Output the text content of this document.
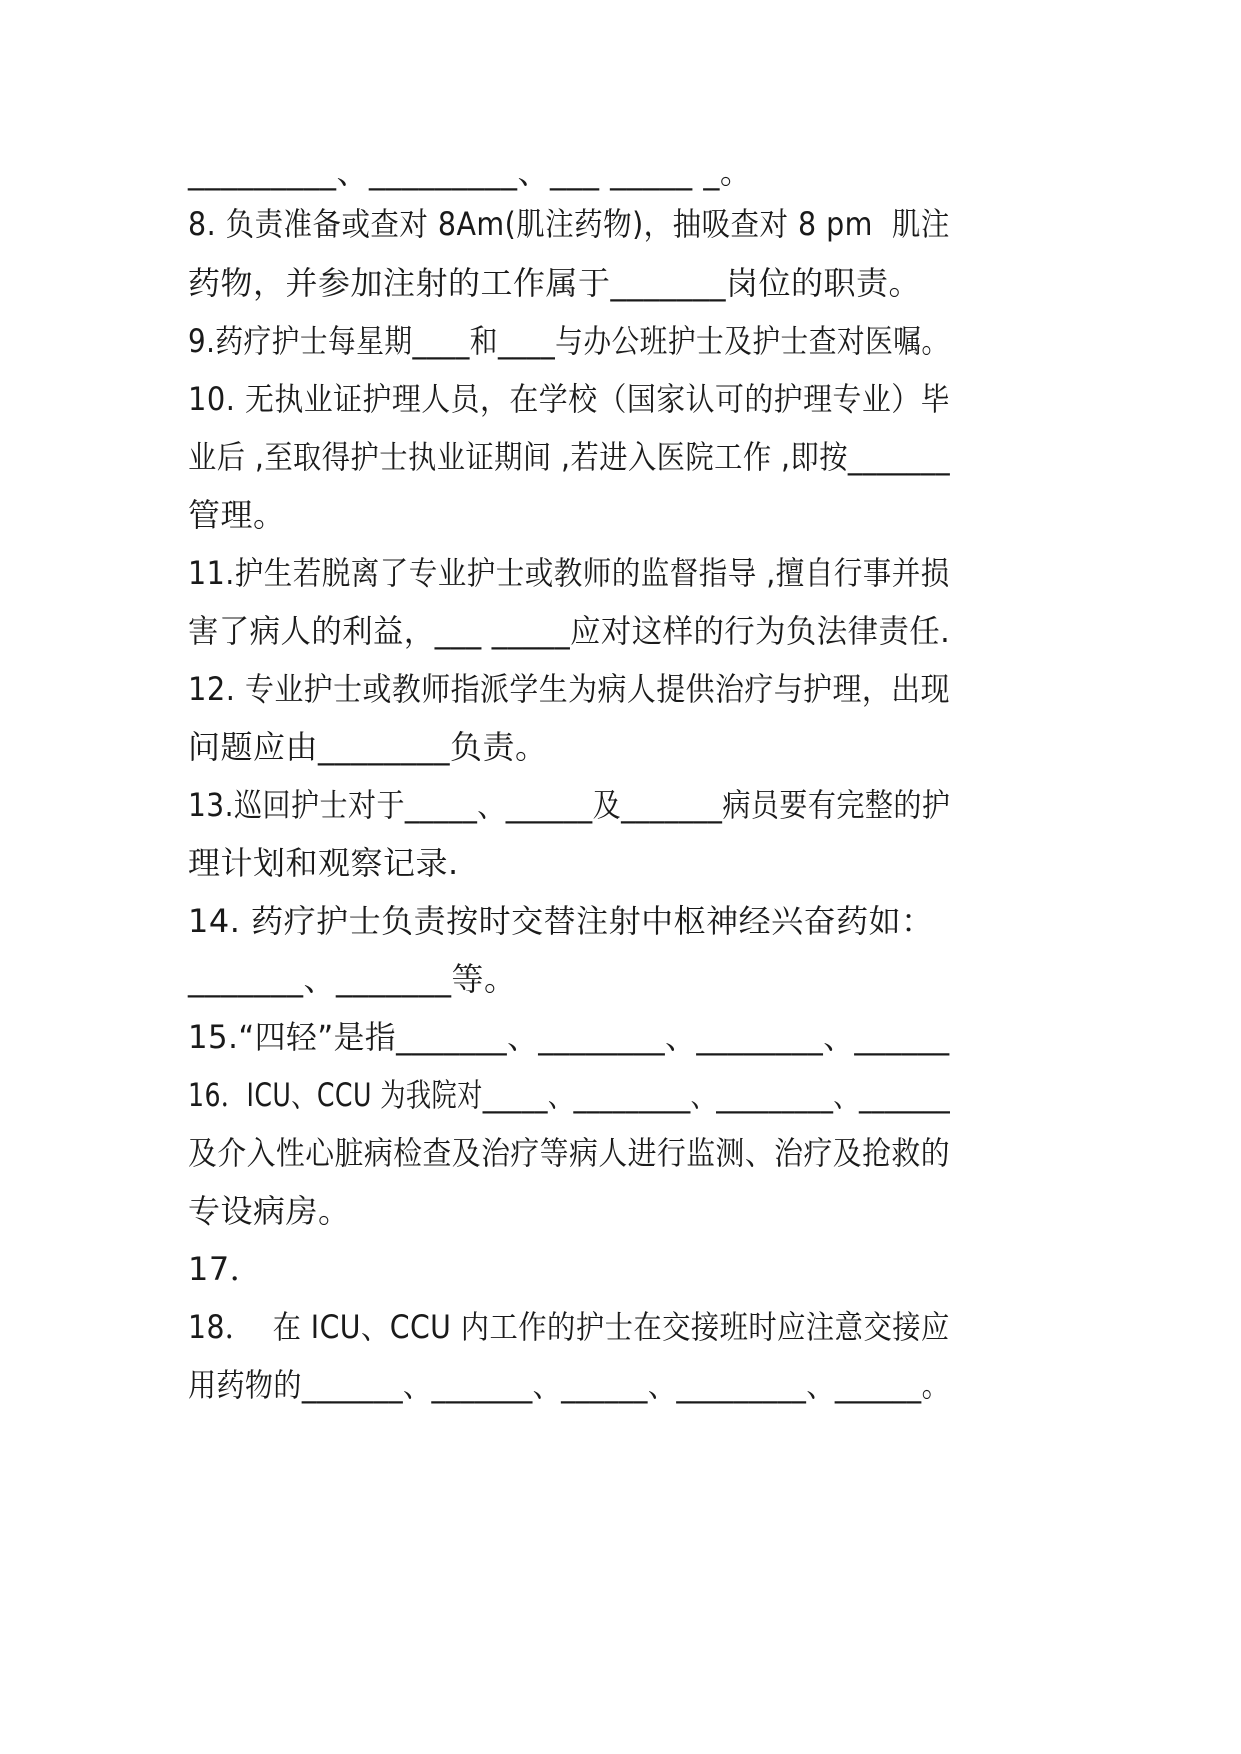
_________、_________、___ _____ _。
8. 负责准备或查对 8Am(肌注药物)，抽吸查对 8 pm  肌注
药物，并参加注射的工作属于_______岗位的职责。
9.药疗护士每星期____和____与办公班护士及护士查对医嘱。
10. 无执业证护理人员，在学校（国家认可的护理专业）毕
业后 ,至取得护士执业证期间 ,若进入医院工作 ,即按_______
管理。
11.护生若脱离了专业护士或教师的监督指导 ,擅自行事并损
害了病人的利益，___ _____应对这样的行为负法律责任.
12. 专业护士或教师指派学生为病人提供治疗与护理，出现
问题应由________负责。
13.巡回护士对于_____、______及_______病员要有完整的护
理计划和观察记录.
14. 药疗护士负责按时交替注射中枢神经兴奋药如：
_______、_______等。
15.“四轻”是指_______、________、________、______
16．ICU、CCU 为我院对_____、_________、_________、_______
及介入性心脏病检查及治疗等病人进行监测、治疗及抢救的
专设病房。
17．
18．  在 ICU、CCU 内工作的护士在交接班时应注意交接应
用药物的_______、_______、______、_________、______。
